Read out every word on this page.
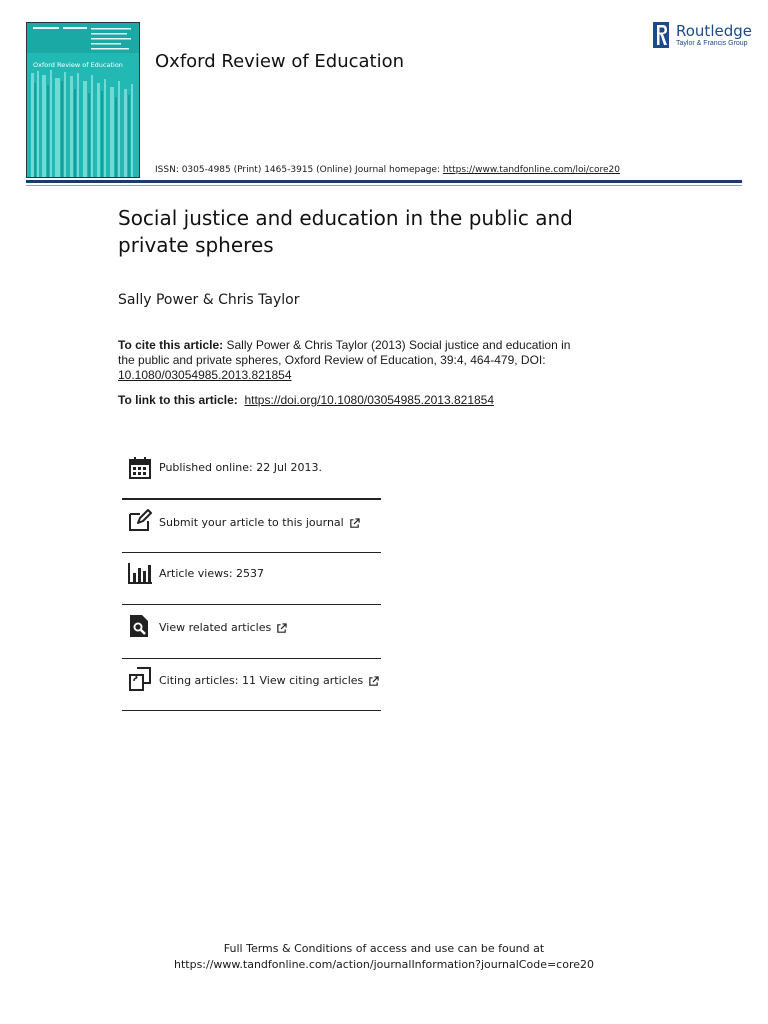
Oxford Review of Education Oxford Review of Education
Routledge
Taylor & Francis Group
ISSN: 0305-4985 (Print) 1465-3915 (Online) Journal homepage: https://www.tandfonline.com/loi/core20
Social justice and education in the public and private spheres
Sally Power & Chris Taylor
To cite this article: Sally Power & Chris Taylor (2013) Social justice and education in the public and private spheres, Oxford Review of Education, 39:4, 464-479, DOI: 10.1080/03054985.2013.821854
To link to this article:  https://doi.org/10.1080/03054985.2013.821854
Published online: 22 Jul 2013.
Submit your article to this journal
Article views: 2537
View related articles
Citing articles: 11 View citing articles
Full Terms & Conditions of access and use can be found at
https://www.tandfonline.com/action/journalInformation?journalCode=core20
